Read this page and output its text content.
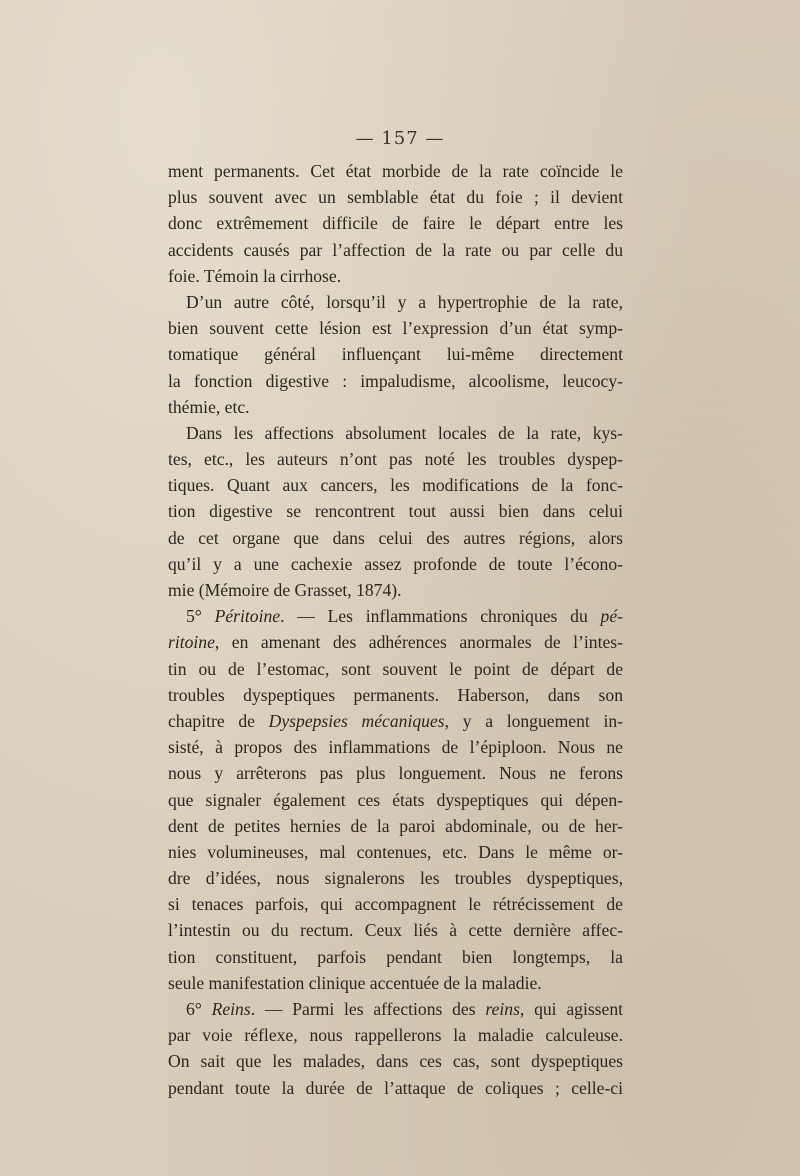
— 157 —
ment permanents. Cet état morbide de la rate coïncide le
plus souvent avec un semblable état du foie ; il devient
donc extrêmement difficile de faire le départ entre les
accidents causés par l’affection de la rate ou par celle du
foie. Témoin la cirrhose.
D’un autre côté, lorsqu’il y a hypertrophie de la rate,
bien souvent cette lésion est l’expression d’un état symp-
tomatique général influençant lui-même directement
la fonction digestive : impaludisme, alcoolisme, leucocy-
thémie, etc.
Dans les affections absolument locales de la rate, kys-
tes, etc., les auteurs n’ont pas noté les troubles dyspep-
tiques. Quant aux cancers, les modifications de la fonc-
tion digestive se rencontrent tout aussi bien dans celui
de cet organe que dans celui des autres régions, alors
qu’il y a une cachexie assez profonde de toute l’écono-
mie (Mémoire de Grasset, 1874).
5° Péritoine. — Les inflammations chroniques du pé-
ritoine, en amenant des adhérences anormales de l’intes-
tin ou de l’estomac, sont souvent le point de départ de
troubles dyspeptiques permanents. Haberson, dans son
chapitre de Dyspepsies mécaniques, y a longuement in-
sisté, à propos des inflammations de l’épiploon. Nous ne
nous y arrêterons pas plus longuement. Nous ne ferons
que signaler également ces états dyspeptiques qui dépen-
dent de petites hernies de la paroi abdominale, ou de her-
nies volumineuses, mal contenues, etc. Dans le même or-
dre d’idées, nous signalerons les troubles dyspeptiques,
si tenaces parfois, qui accompagnent le rétrécissement de
l’intestin ou du rectum. Ceux liés à cette dernière affec-
tion constituent, parfois pendant bien longtemps, la
seule manifestation clinique accentuée de la maladie.
6° Reins. — Parmi les affections des reins, qui agissent
par voie réflexe, nous rappellerons la maladie calculeuse.
On sait que les malades, dans ces cas, sont dyspeptiques
pendant toute la durée de l’attaque de coliques ; celle-ci
